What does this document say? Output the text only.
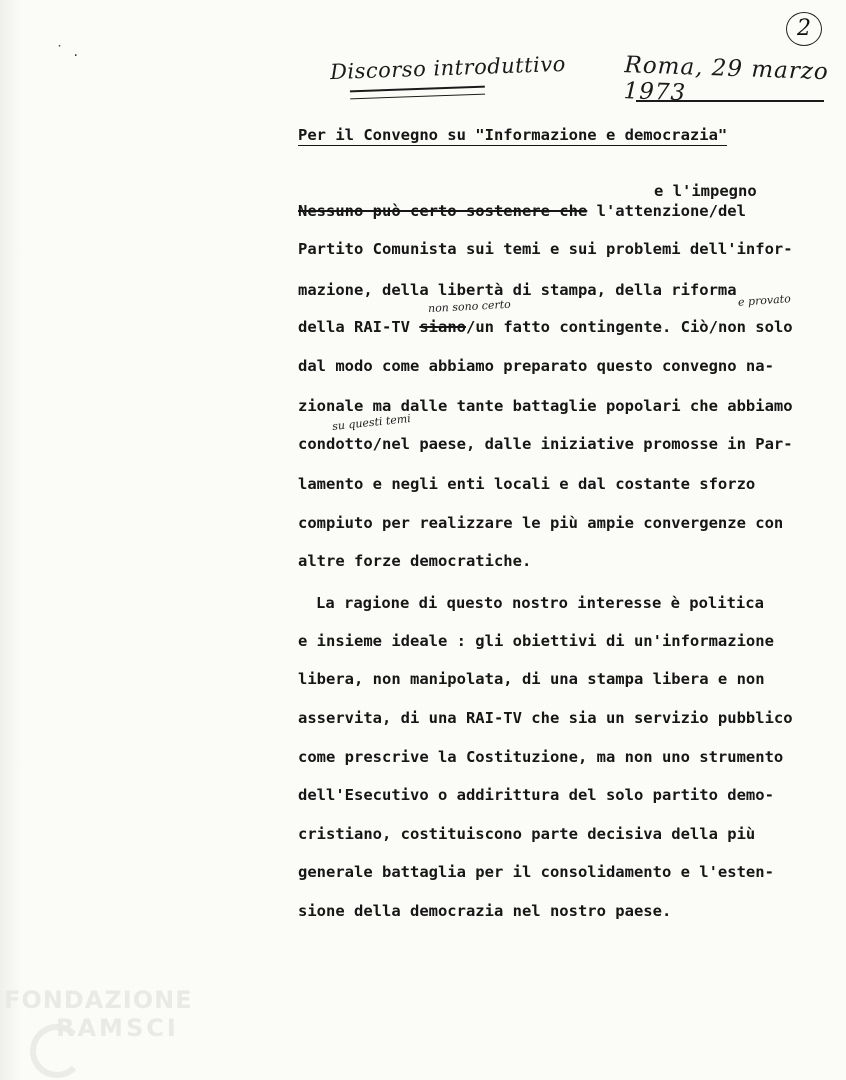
˙ .
2
Discorso introduttivo	Roma, 29 marzo 1973
Per il Convegno su "Informazione e democrazia"
e l'impegno
Nessuno può certo sostenere che l'attenzione/del
Partito Comunista sui temi e sui problemi dell'infor-
mazione, della libertà di stampa, della riforma
non sono certo	e provato
della RAI-TV siano/un fatto contingente. Ciò/non solo
dal modo come abbiamo preparato questo convegno na-
zionale ma dalle tante battaglie popolari che abbiamo
su questi temi
condotto/nel paese, dalle iniziative promosse in Par-
lamento e negli enti locali e dal costante sforzo
compiuto per realizzare le più ampie convergenze con
altre forze democratiche.
La ragione di questo nostro interesse è politica
e insieme ideale : gli obiettivi di un'informazione
libera, non manipolata, di una stampa libera e non
asservita, di una RAI-TV che sia un servizio pubblico
come prescrive la Costituzione, ma non uno strumento
dell'Esecutivo o addirittura del solo partito demo-
cristiano, costituiscono parte decisiva della più
generale battaglia per il consolidamento e l'esten-
sione della democrazia nel nostro paese.
FONDAZIONE
RAMSCI
